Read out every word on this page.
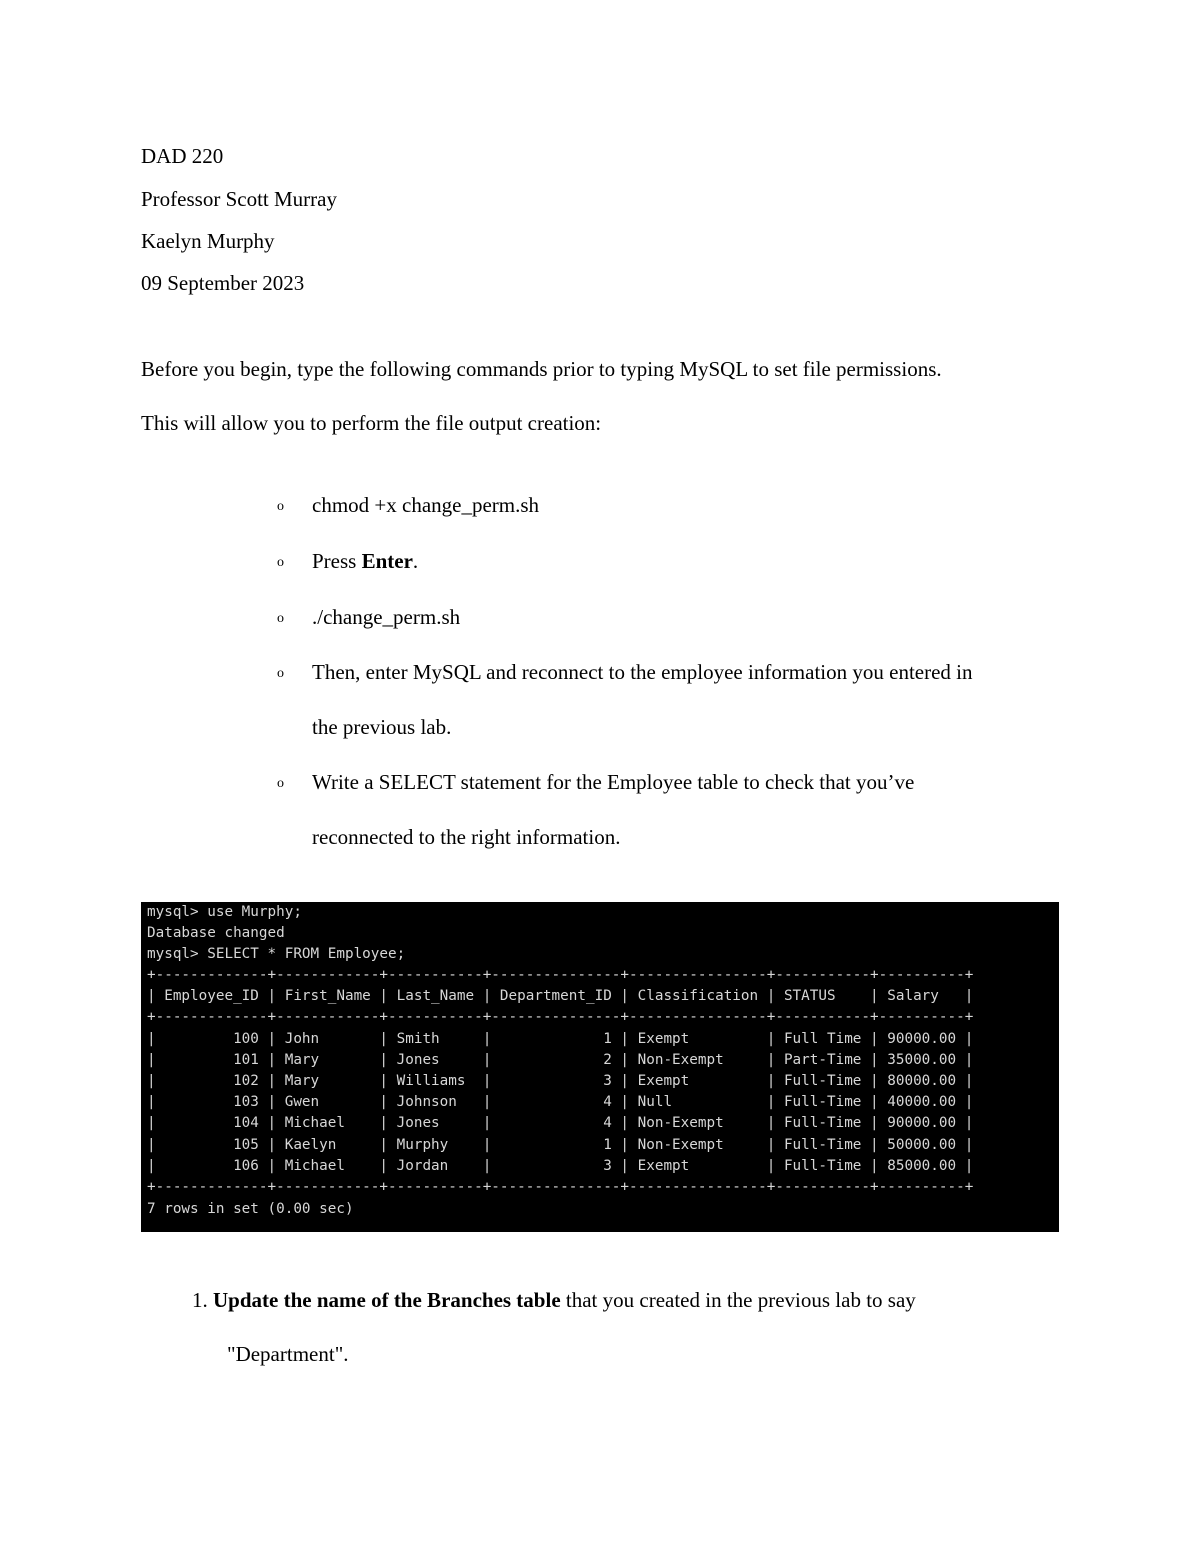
DAD 220
Professor Scott Murray
Kaelyn Murphy
09 September 2023
Before you begin, type the following commands prior to typing MySQL to set file permissions.
This will allow you to perform the file output creation:
o chmod +x change_perm.sh
o Press Enter.
o ./change_perm.sh
o Then, enter MySQL and reconnect to the employee information you entered in
the previous lab.
o Write a SELECT statement for the Employee table to check that you’ve
reconnected to the right information.
mysql> use Murphy;
Database changed
mysql> SELECT * FROM Employee;
+-------------+------------+-----------+---------------+----------------+-----------+----------+
| Employee_ID | First_Name | Last_Name | Department_ID | Classification | STATUS    | Salary   |
+-------------+------------+-----------+---------------+----------------+-----------+----------+
|         100 | John       | Smith     |             1 | Exempt         | Full Time | 90000.00 |
|         101 | Mary       | Jones     |             2 | Non-Exempt     | Part-Time | 35000.00 |
|         102 | Mary       | Williams  |             3 | Exempt         | Full-Time | 80000.00 |
|         103 | Gwen       | Johnson   |             4 | Null           | Full-Time | 40000.00 |
|         104 | Michael    | Jones     |             4 | Non-Exempt     | Full-Time | 90000.00 |
|         105 | Kaelyn     | Murphy    |             1 | Non-Exempt     | Full-Time | 50000.00 |
|         106 | Michael    | Jordan    |             3 | Exempt         | Full-Time | 85000.00 |
+-------------+------------+-----------+---------------+----------------+-----------+----------+
7 rows in set (0.00 sec)
1. Update the name of the Branches table that you created in the previous lab to say
"Department".
